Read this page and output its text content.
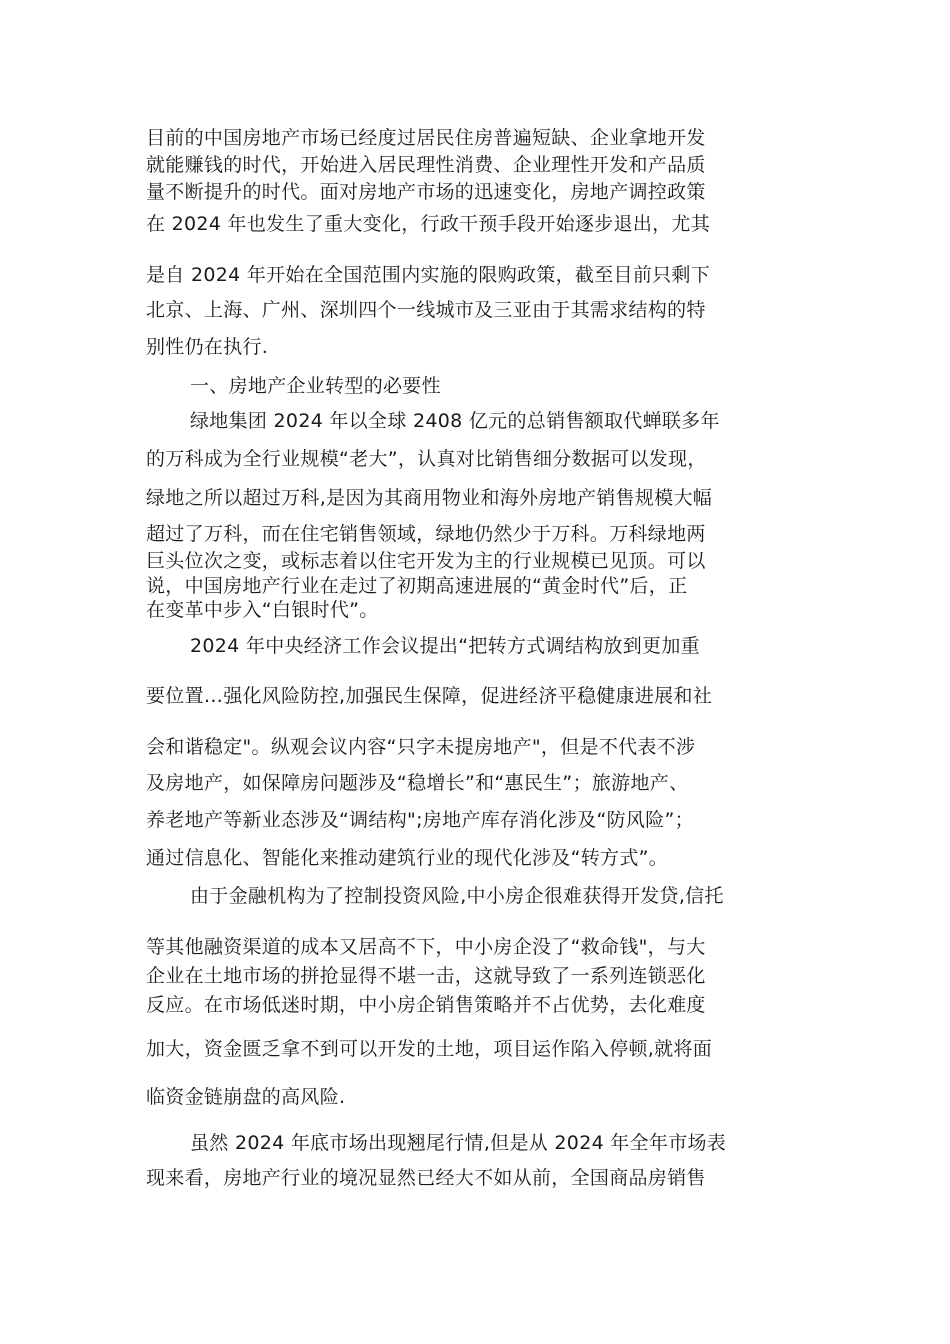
目前的中国房地产市场已经度过居民住房普遍短缺、企业拿地开发
就能赚钱的时代，开始进入居民理性消费、企业理性开发和产品质
量不断提升的时代。面对房地产市场的迅速变化，房地产调控政策
在 2024 年也发生了重大变化，行政干预手段开始逐步退出，尤其
是自 2024 年开始在全国范围内实施的限购政策，截至目前只剩下
北京、上海、广州、深圳四个一线城市及三亚由于其需求结构的特
别性仍在执行.
一、房地产企业转型的必要性
绿地集团 2024 年以全球 2408 亿元的总销售额取代蝉联多年
的万科成为全行业规模“老大”，认真对比销售细分数据可以发现，
绿地之所以超过万科,是因为其商用物业和海外房地产销售规模大幅
超过了万科，而在住宅销售领域，绿地仍然少于万科。万科绿地两
巨头位次之变，或标志着以住宅开发为主的行业规模已见顶。可以
说，中国房地产行业在走过了初期高速进展的“黄金时代”后，正
在变革中步入“白银时代”。
2024 年中央经济工作会议提出“把转方式调结构放到更加重
要位置…强化风险防控,加强民生保障，促进经济平稳健康进展和社
会和谐稳定"。纵观会议内容“只字未提房地产"，但是不代表不涉
及房地产，如保障房问题涉及“稳增长”和“惠民生”；旅游地产、
养老地产等新业态涉及“调结构";房地产库存消化涉及“防风险”；
通过信息化、智能化来推动建筑行业的现代化涉及“转方式”。
由于金融机构为了控制投资风险,中小房企很难获得开发贷,信托
等其他融资渠道的成本又居高不下，中小房企没了“救命钱"，与大
企业在土地市场的拼抢显得不堪一击，这就导致了一系列连锁恶化
反应。在市场低迷时期，中小房企销售策略并不占优势，去化难度
加大，资金匮乏拿不到可以开发的土地，项目运作陷入停顿,就将面
临资金链崩盘的高风险.
虽然 2024 年底市场出现翘尾行情,但是从 2024 年全年市场表
现来看，房地产行业的境况显然已经大不如从前，全国商品房销售
